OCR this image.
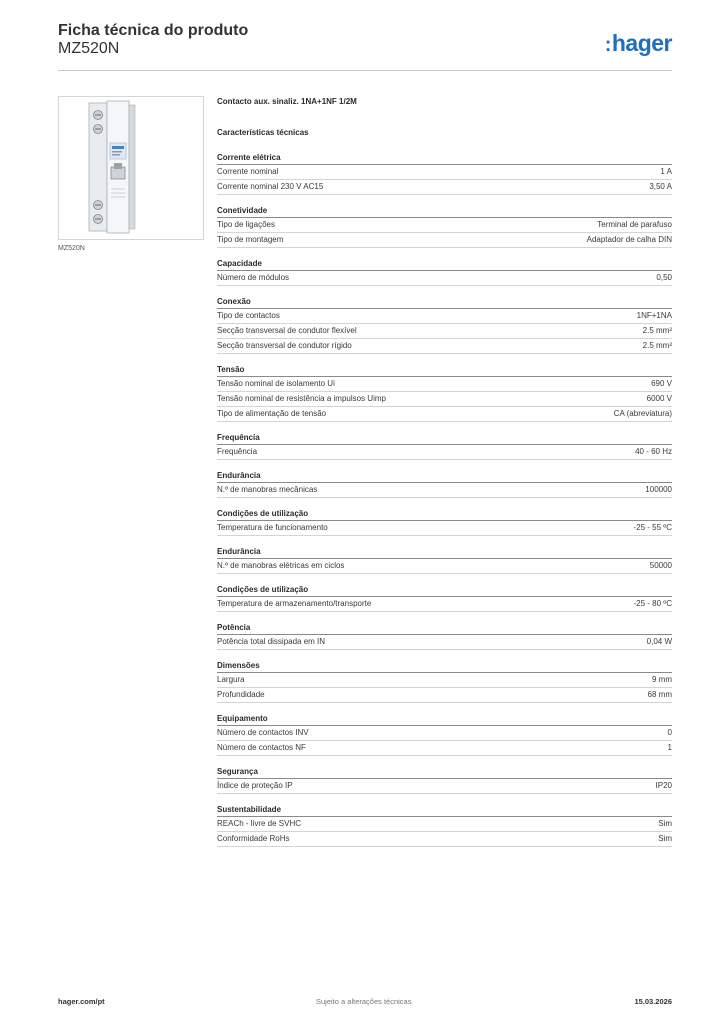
Ficha técnica do produto
MZ520N	:hager
MZ520N
Contacto aux. sinaliz. 1NA+1NF 1/2M
Características técnicas
Corrente elétrica
Corrente nominal	1 A
Corrente nominal 230 V AC15	3,50 A
Conetividade
Tipo de ligações	Terminal de parafuso
Tipo de montagem	Adaptador de calha DIN
Capacidade
Número de módulos	0,50
Conexão
Tipo de contactos	1NF+1NA
Secção transversal de condutor flexível	2.5 mm²
Secção transversal de condutor rígido	2.5 mm²
Tensão
Tensão nominal de isolamento Ui	690 V
Tensão nominal de resistência a impulsos Uimp	6000 V
Tipo de alimentação de tensão	CA (abreviatura)
Frequência
Frequência	40 - 60 Hz
Endurância
N.º de manobras mecânicas	100000
Condições de utilização
Temperatura de funcionamento	-25 - 55 ºC
Endurância
N.º de manobras elétricas em ciclos	50000
Condições de utilização
Temperatura de armazenamento/transporte	-25 - 80 ºC
Potência
Potência total dissipada em IN	0,04 W
Dimensões
Largura	9 mm
Profundidade	68 mm
Equipamento
Número de contactos INV	0
Número de contactos NF	1
Segurança
Índice de proteção IP	IP20
Sustentabilidade
REACh - livre de SVHC	Sim
Conformidade RoHs	Sim
hager.com/pt	Sujeito a alterações técnicas	15.03.2026
